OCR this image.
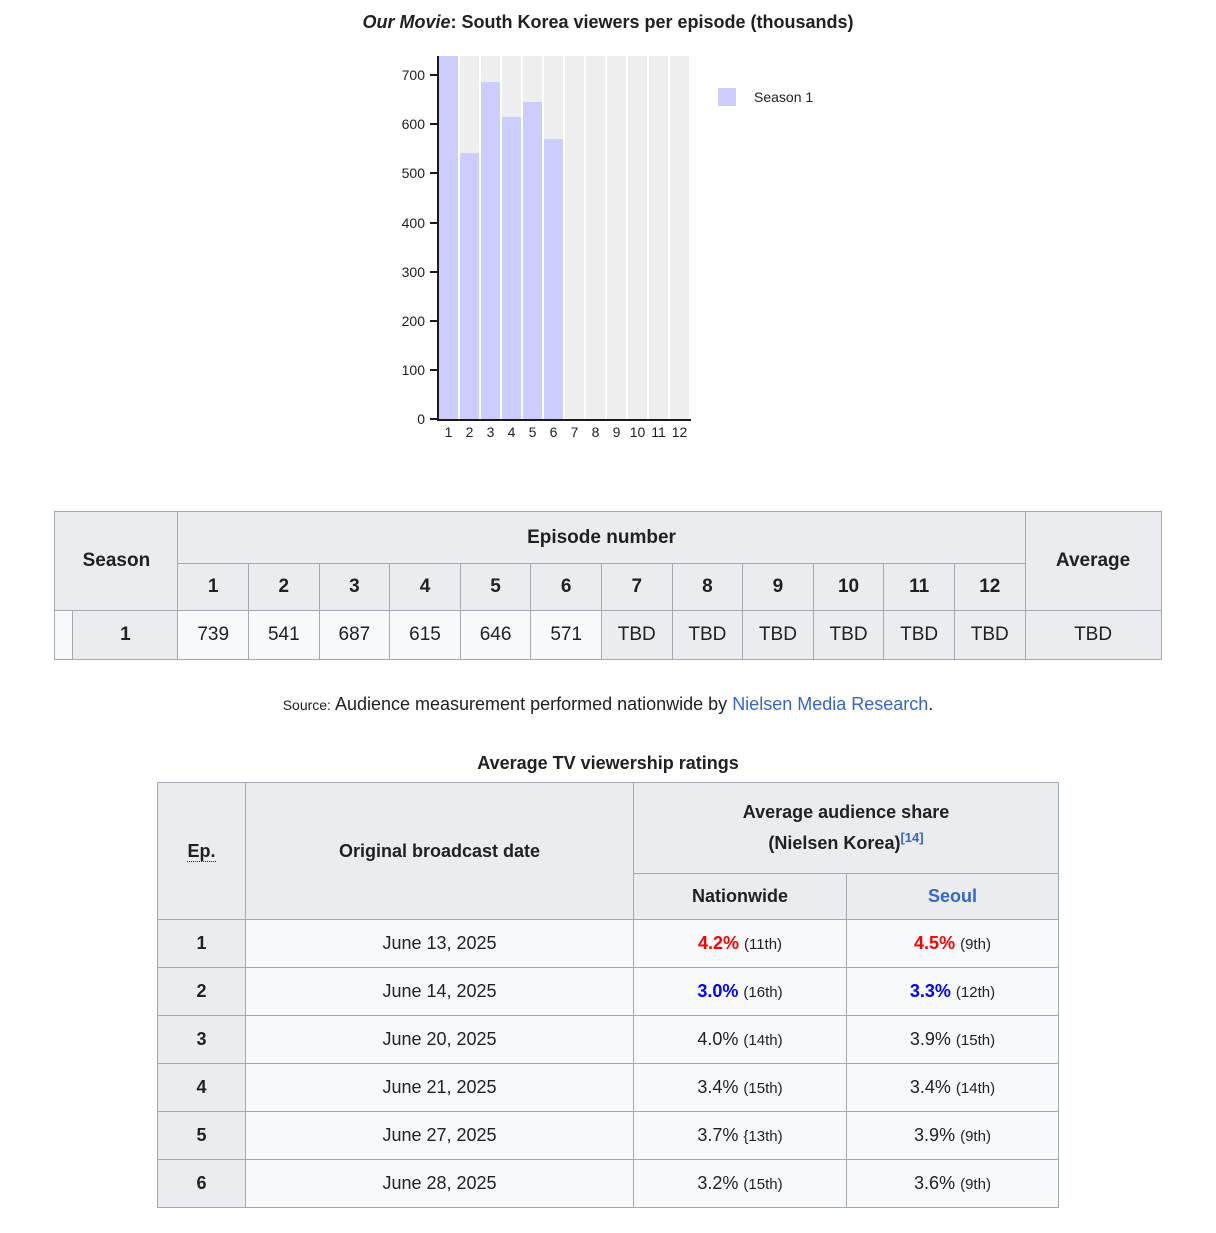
Our Movie: South Korea viewers per episode (thousands)
1 2 3 4 5 6 7 8 9 10 11 12
Season 1
0
100
200
300
400
500
600
700
Season		Episode number												Average
		1	2	3	4	5	6	7	8	9	10	11	12	
	1	739	541	687	615	646	571	TBD	TBD	TBD	TBD	TBD	TBD	TBD
Source: Audience measurement performed nationwide by Nielsen Media Research.
Average TV viewership ratings
Ep.	Original broadcast date	Average audience share
(Nielsen Korea)[14]
		Nationwide	Seoul
1	June 13, 2025	4.2% (11th)	4.5% (9th)
2	June 14, 2025	3.0% (16th)	3.3% (12th)
3	June 20, 2025	4.0% (14th)	3.9% (15th)
4	June 21, 2025	3.4% (15th)	3.4% (14th)
5	June 27, 2025	3.7% {13th)	3.9% (9th)
6	June 28, 2025	3.2% (15th)	3.6% (9th)
